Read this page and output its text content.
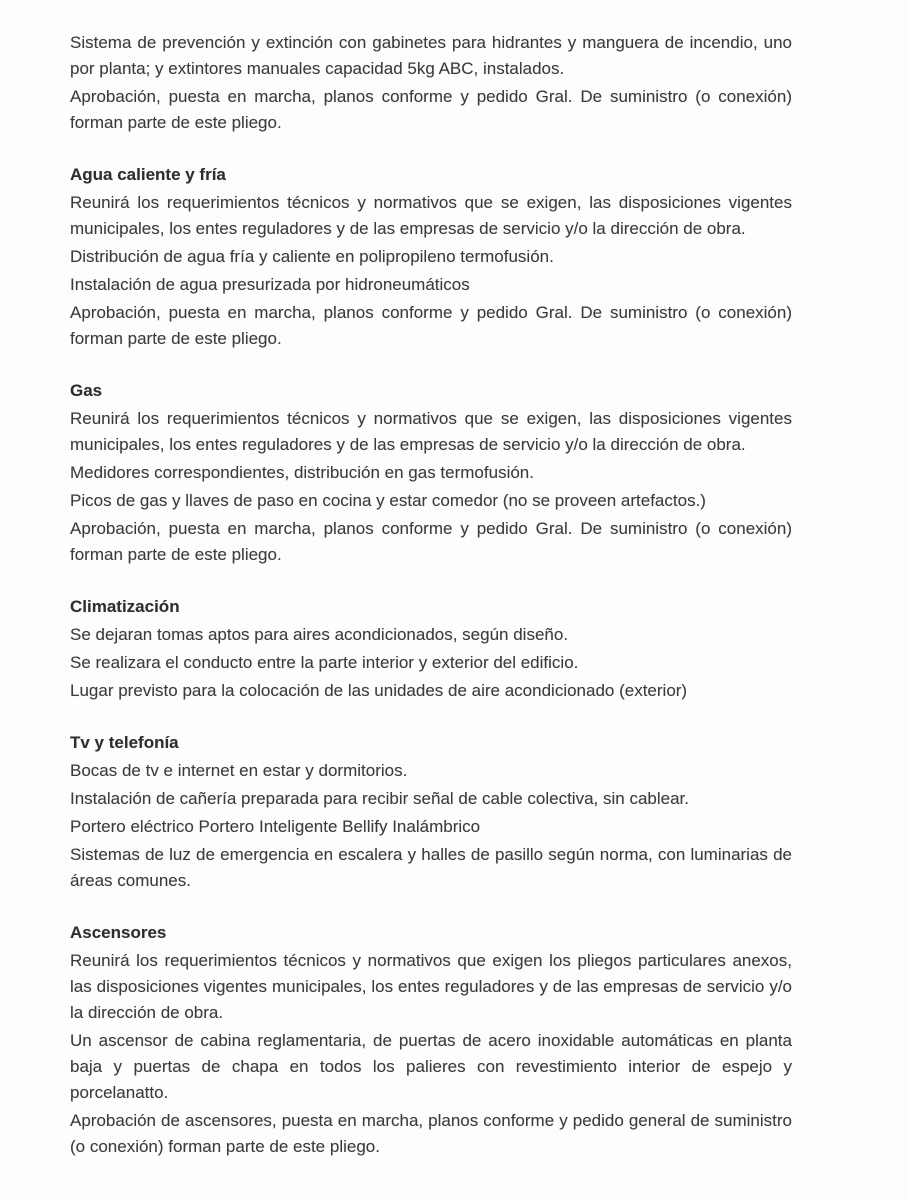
Sistema de prevención y extinción con gabinetes para hidrantes y manguera de incendio, uno por planta; y extintores manuales capacidad 5kg ABC, instalados.

Aprobación, puesta en marcha, planos conforme y pedido Gral. De suministro (o conexión) forman parte de este pliego.

Agua caliente y fría

Reunirá los requerimientos técnicos y normativos que se exigen, las disposiciones vigentes municipales, los entes reguladores y de las empresas de servicio y/o la dirección de obra.

Distribución de agua fría y caliente en polipropileno termofusión.

Instalación de agua presurizada por hidroneumáticos

Aprobación, puesta en marcha, planos conforme y pedido Gral. De suministro (o conexión) forman parte de este pliego.

Gas

Reunirá los requerimientos técnicos y normativos que se exigen, las disposiciones vigentes municipales, los entes reguladores y de las empresas de servicio y/o la dirección de obra.

Medidores correspondientes, distribución en gas termofusión.

Picos de gas y llaves de paso en cocina y estar comedor (no se proveen artefactos.)

Aprobación, puesta en marcha, planos conforme y pedido Gral. De suministro (o conexión) forman parte de este pliego.

Climatización

Se dejaran tomas aptos para aires acondicionados, según diseño.

Se realizara el conducto entre la parte interior y exterior del edificio.

Lugar previsto para la colocación de las unidades de aire acondicionado (exterior)

Tv y telefonía

Bocas de tv e internet en estar y dormitorios.

Instalación de cañería preparada para recibir señal de cable colectiva, sin cablear.

Portero eléctrico Portero Inteligente Bellify Inalámbrico

Sistemas de luz de emergencia en escalera y halles de pasillo según norma, con luminarias de áreas comunes.

Ascensores

Reunirá los requerimientos técnicos y normativos que exigen los pliegos particulares anexos, las disposiciones vigentes municipales, los entes reguladores y de las empresas de servicio y/o la dirección de obra.

Un ascensor de cabina reglamentaria, de puertas de acero inoxidable automáticas en planta baja y puertas de chapa en todos los palieres con revestimiento interior de espejo y porcelanatto.

Aprobación de ascensores, puesta en marcha, planos conforme y pedido general de suministro (o conexión) forman parte de este pliego.
